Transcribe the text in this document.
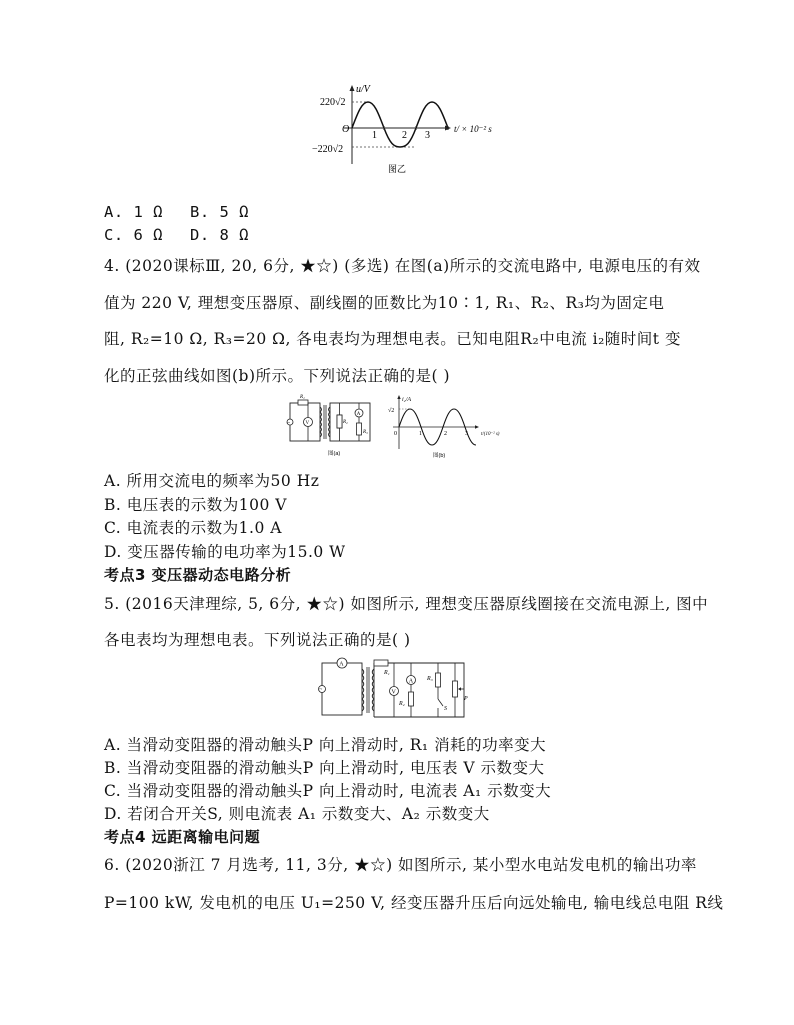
u/V
220√2
−220√2
O
1	2 3
t/ × 10⁻² s
图乙
A. 1 Ω B. 5 Ω
C. 6 Ω D. 8 Ω
4. (2020课标Ⅲ, 20, 6分, ★☆) (多选) 在图(a)所示的交流电路中, 电源电压的有效
值为 220 V, 理想变压器原、副线圈的匝数比为10∶1, R₁、R₂、R₃均为固定电
阻, R₂=10 Ω, R₃=20 Ω, 各电表均为理想电表。已知电阻R₂中电流 i₂随时间t 变
化的正弦曲线如图(b)所示。下列说法正确的是( )
~
R₁
V	R₂
A
R₃
图(a)
i₂/A
√2
0	1	2	3	t/(10⁻² s)
图(b)
A. 所用交流电的频率为50 Hz
B. 电压表的示数为100 V
C. 电流表的示数为1.0 A
D. 变压器传输的电功率为15.0 W
考点3 变压器动态电路分析
5. (2016天津理综, 5, 6分, ★☆) 如图所示, 理想变压器原线圈接在交流电源上, 图中
各电表均为理想电表。下列说法正确的是( )
~
A
R₁
V
A
R₂
R₃
S
P
A. 当滑动变阻器的滑动触头P 向上滑动时, R₁ 消耗的功率变大
B. 当滑动变阻器的滑动触头P 向上滑动时, 电压表 V 示数变大
C. 当滑动变阻器的滑动触头P 向上滑动时, 电流表 A₁ 示数变大
D. 若闭合开关S, 则电流表 A₁ 示数变大、A₂ 示数变大
考点4 远距离输电问题
6. (2020浙江 7 月选考, 11, 3分, ★☆) 如图所示, 某小型水电站发电机的输出功率
P=100 kW, 发电机的电压 U₁=250 V, 经变压器升压后向远处输电, 输电线总电阻 R线
